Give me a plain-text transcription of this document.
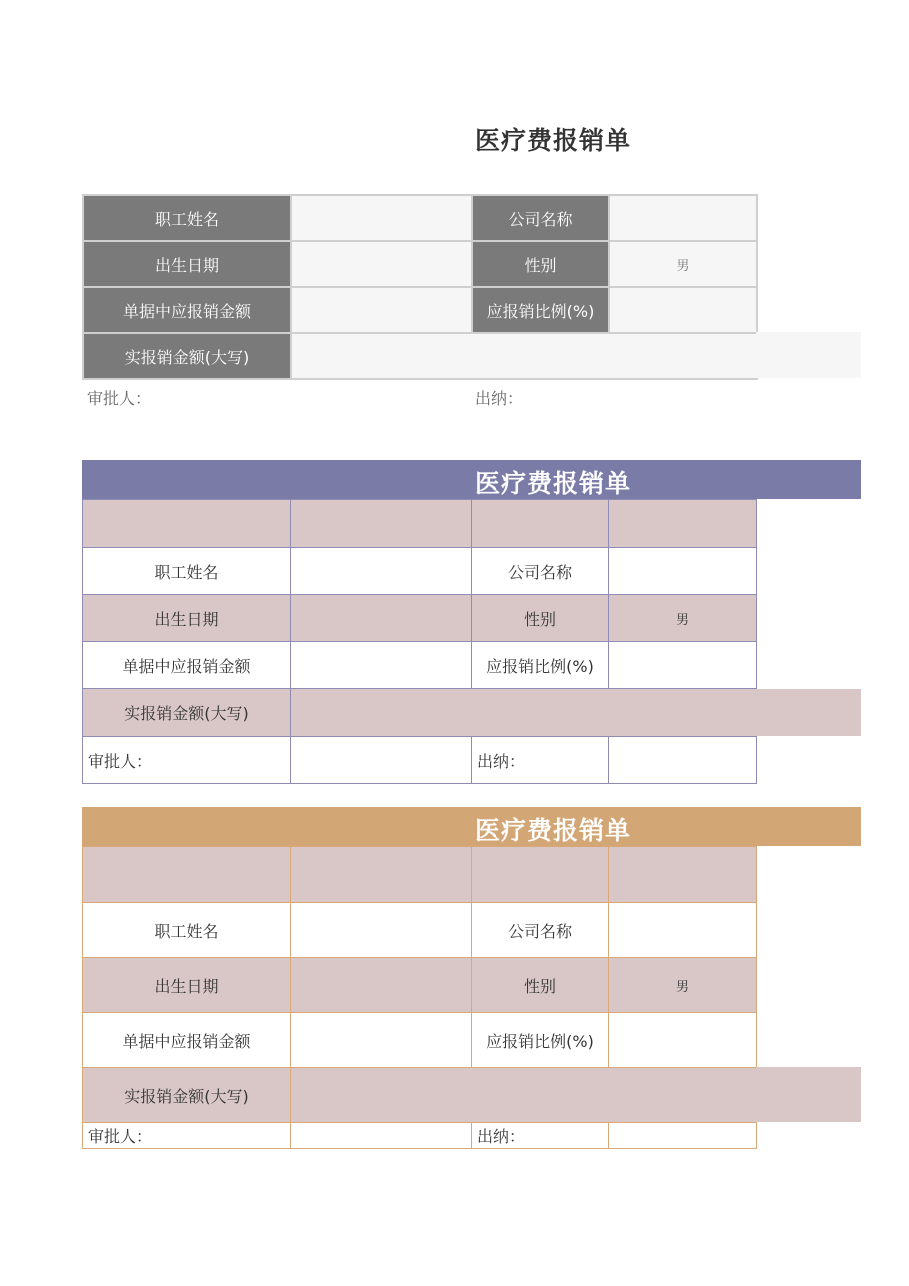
医疗费报销单
职工姓名		公司名称	
出生日期		性别	男
单据中应报销金额		应报销比例(%)	
实报销金额(大写)			
审批人：	出纳：
医疗费报销单

职工姓名		公司名称	
出生日期		性别	男
单据中应报销金额		应报销比例(%)	
实报销金额(大写)			
审批人：		出纳：	
医疗费报销单

职工姓名		公司名称	
出生日期		性别	男
单据中应报销金额		应报销比例(%)	
实报销金额(大写)			
审批人：		出纳：	
